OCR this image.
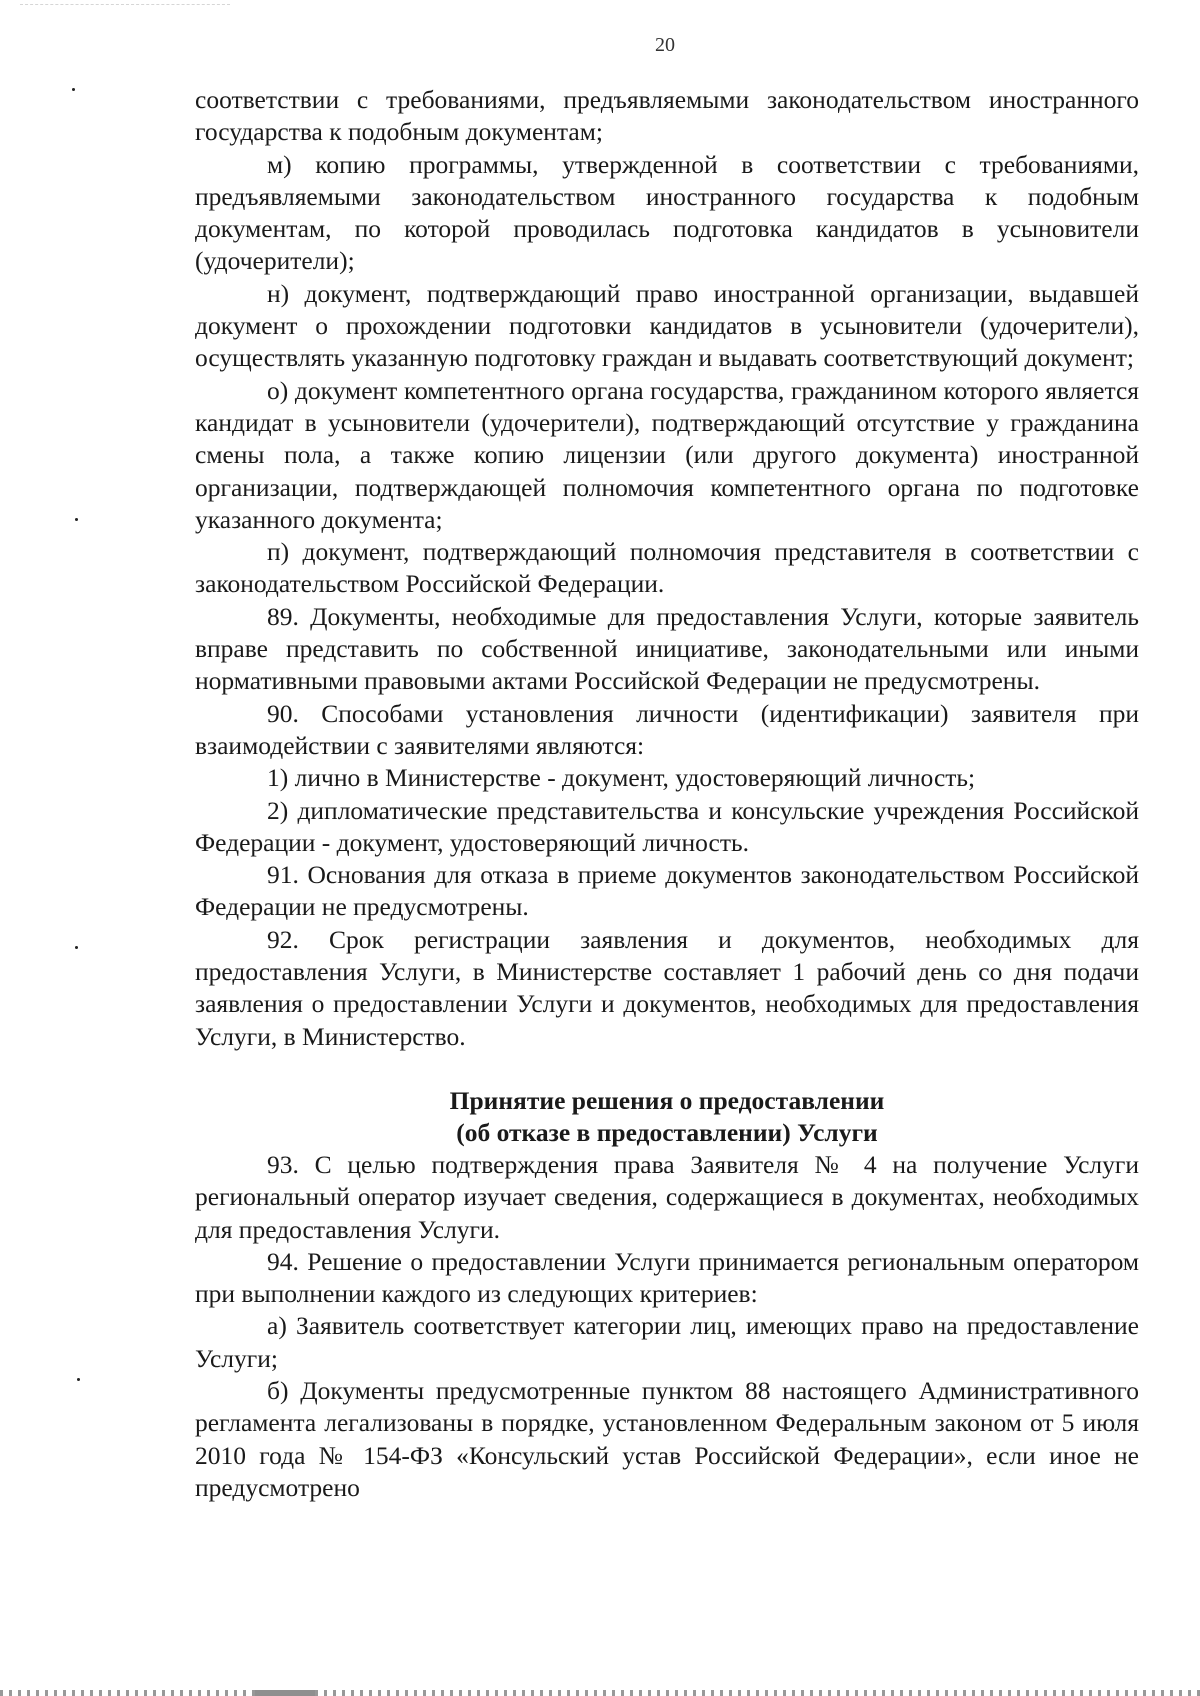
20

соответствии с требованиями, предъявляемыми законодательством иностранного государства к подобным документам;

м) копию программы, утвержденной в соответствии с требованиями, предъявляемыми законодательством иностранного государства к подобным документам, по которой проводилась подготовка кандидатов в усыновители (удочерители);

н) документ, подтверждающий право иностранной организации, выдавшей документ о прохождении подготовки кандидатов в усыновители (удочерители), осуществлять указанную подготовку граждан и выдавать соответствующий документ;

о) документ компетентного органа государства, гражданином которого является кандидат в усыновители (удочерители), подтверждающий отсутствие у гражданина смены пола, а также копию лицензии (или другого документа) иностранной организации, подтверждающей полномочия компетентного органа по подготовке указанного документа;

п) документ, подтверждающий полномочия представителя в соответствии с законодательством Российской Федерации.

89. Документы, необходимые для предоставления Услуги, которые заявитель вправе представить по собственной инициативе, законодательными или иными нормативными правовыми актами Российской Федерации не предусмотрены.

90. Способами установления личности (идентификации) заявителя при взаимодействии с заявителями являются:

1) лично в Министерстве - документ, удостоверяющий личность;

2) дипломатические представительства и консульские учреждения Российской Федерации - документ, удостоверяющий личность.

91. Основания для отказа в приеме документов законодательством Российской Федерации не предусмотрены.

92. Срок регистрации заявления и документов, необходимых для предоставления Услуги, в Министерстве составляет 1 рабочий день со дня подачи заявления о предоставлении Услуги и документов, необходимых для предоставления Услуги, в Министерство.

Принятие решения о предоставлении
(об отказе в предоставлении) Услуги

93. С целью подтверждения права Заявителя № 4 на получение Услуги региональный оператор изучает сведения, содержащиеся в документах, необходимых для предоставления Услуги.

94. Решение о предоставлении Услуги принимается региональным оператором при выполнении каждого из следующих критериев:

а) Заявитель соответствует категории лиц, имеющих право на предоставление Услуги;

б) Документы предусмотренные пунктом 88 настоящего Административного регламента легализованы в порядке, установленном Федеральным законом от 5 июля 2010 года № 154-ФЗ «Консульский устав Российской Федерации», если иное не предусмотрено
